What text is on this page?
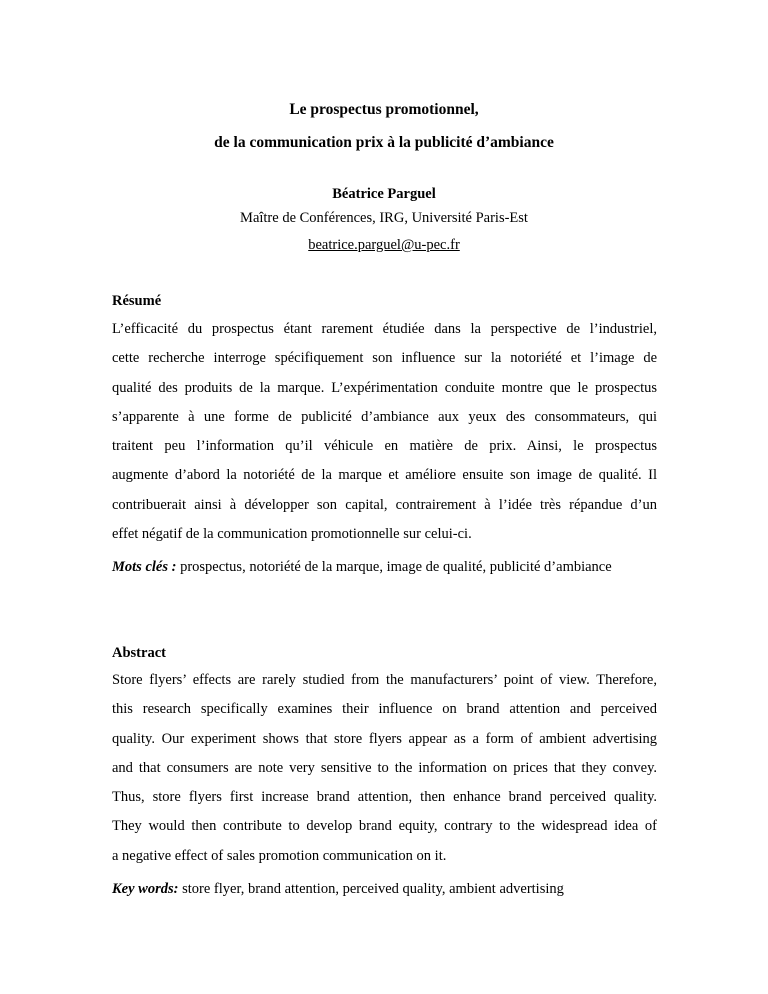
Le prospectus promotionnel,
de la communication prix à la publicité d’ambiance
Béatrice Parguel
Maître de Conférences, IRG, Université Paris-Est
beatrice.parguel@u-pec.fr
Résumé
L’efficacité du prospectus étant rarement étudiée dans la perspective de l’industriel,
cette recherche interroge spécifiquement son influence sur la notoriété et l’image de
qualité des produits de la marque. L’expérimentation conduite montre que le prospectus
s’apparente à une forme de publicité d’ambiance aux yeux des consommateurs, qui
traitent peu l’information qu’il véhicule en matière de prix. Ainsi, le prospectus
augmente d’abord la notoriété de la marque et améliore ensuite son image de qualité. Il
contribuerait ainsi à développer son capital, contrairement à l’idée très répandue d’un
effet négatif de la communication promotionnelle sur celui-ci.
Mots clés : prospectus, notoriété de la marque, image de qualité, publicité d’ambiance
Abstract
Store flyers’ effects are rarely studied from the manufacturers’ point of view. Therefore,
this research specifically examines their influence on brand attention and perceived
quality. Our experiment shows that store flyers appear as a form of ambient advertising
and that consumers are note very sensitive to the information on prices that they convey.
Thus, store flyers first increase brand attention, then enhance brand perceived quality.
They would then contribute to develop brand equity, contrary to the widespread idea of
a negative effect of sales promotion communication on it.
Key words: store flyer, brand attention, perceived quality, ambient advertising
